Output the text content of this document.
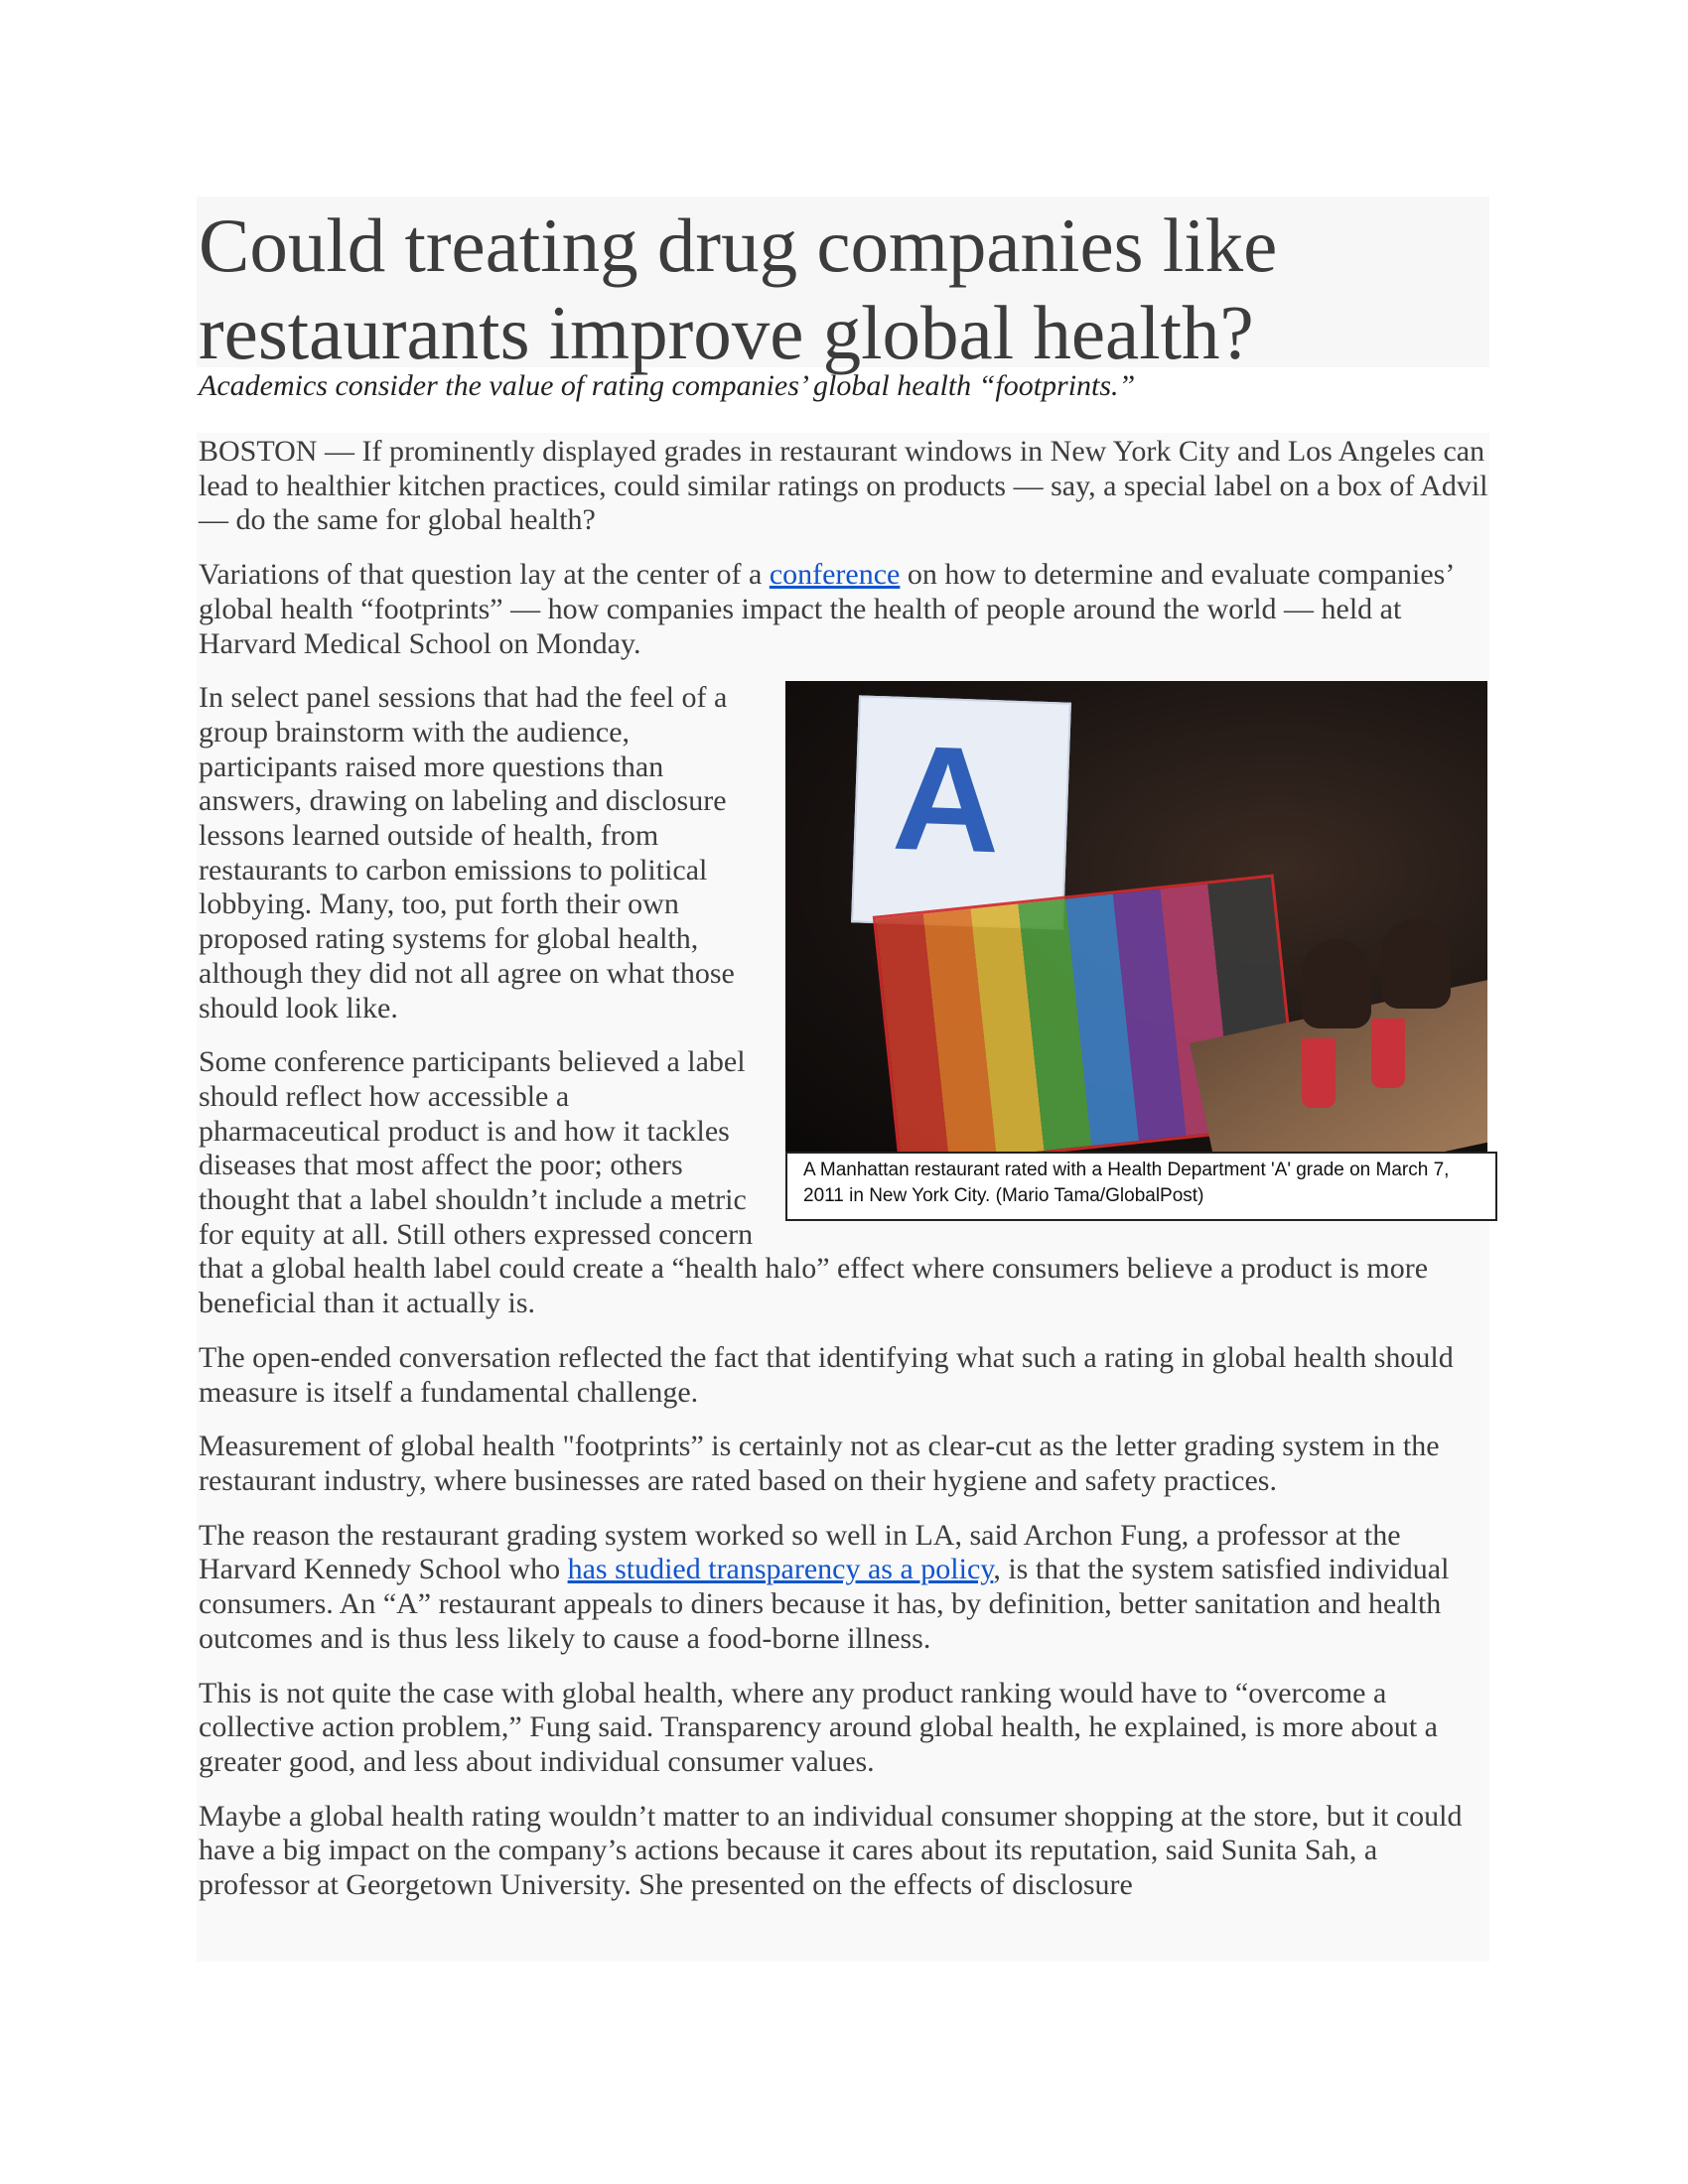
Could treating drug companies like restaurants improve global health?

Academics consider the value of rating companies’ global health “footprints.”

BOSTON — If prominently displayed grades in restaurant windows in New York City and Los Angeles can lead to healthier kitchen practices, could similar ratings on products — say, a special label on a box of Advil — do the same for global health?

Variations of that question lay at the center of a conference on how to determine and evaluate companies’ global health “footprints” — how companies impact the health of people around the world — held at Harvard Medical School on Monday.

A
A Manhattan restaurant rated with a Health Department 'A' grade on March 7, 2011 in New York City. (Mario Tama/GlobalPost)

In select panel sessions that had the feel of a group brainstorm with the audience, participants raised more questions than answers, drawing on labeling and disclosure lessons learned outside of health, from restaurants to carbon emissions to political lobbying. Many, too, put forth their own proposed rating systems for global health, although they did not all agree on what those should look like.

Some conference participants believed a label should reflect how accessible a pharmaceutical product is and how it tackles diseases that most affect the poor; others thought that a label shouldn’t include a metric for equity at all. Still others expressed concern that a global health label could create a “health halo” effect where consumers believe a product is more beneficial than it actually is.

The open-ended conversation reflected the fact that identifying what such a rating in global health should measure is itself a fundamental challenge.

Measurement of global health "footprints” is certainly not as clear-cut as the letter grading system in the restaurant industry, where businesses are rated based on their hygiene and safety practices.

The reason the restaurant grading system worked so well in LA, said Archon Fung, a professor at the Harvard Kennedy School who has studied transparency as a policy, is that the system satisfied individual consumers. An “A” restaurant appeals to diners because it has, by definition, better sanitation and health outcomes and is thus less likely to cause a food-borne illness.

This is not quite the case with global health, where any product ranking would have to “overcome a collective action problem,” Fung said. Transparency around global health, he explained, is more about a greater good, and less about individual consumer values.

Maybe a global health rating wouldn’t matter to an individual consumer shopping at the store, but it could have a big impact on the company’s actions because it cares about its reputation, said Sunita Sah, a professor at Georgetown University. She presented on the effects of disclosure
